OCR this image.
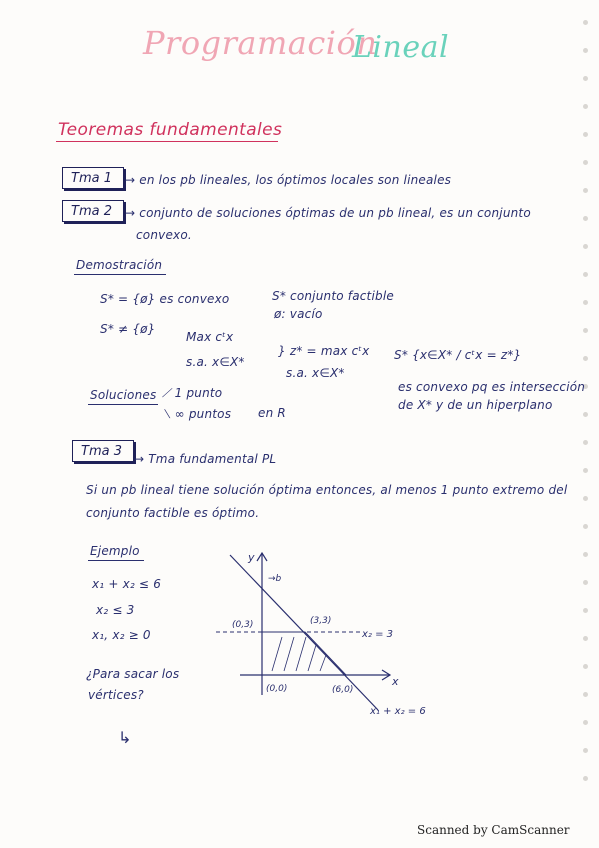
Programación
Lineal
Teoremas fundamentales
Tma 1 → en los pb lineales, los óptimos locales son lineales
Tma 2 → conjunto de soluciones óptimas de un pb lineal, es un conjunto
convexo.
Demostración
S* = {ø} es convexo	S* conjunto factible
ø: vacío
S* ≠ {ø}
Max cᵗx
s.a. x∈X*
} z* = max cᵗx
s.a. x∈X*
S* {x∈X* / cᵗx = z*}
es convexo pq es intersección
de X* y de un hiperplano
Soluciones ⟋ 1 punto
⟍ ∞ puntos en R
Tma 3 → Tma fundamental PL
Si un pb lineal tiene solución óptima entonces, al menos 1 punto extremo del
conjunto factible es óptimo.
Ejemplo
x₁ + x₂ ≤ 6
x₂ ≤ 3
x₁, x₂ ≥ 0
¿Para sacar los
vértices?
↳
y
x
→b
(0,3)	(3,3)
(0,0)	(6,0)
x₂ = 3
x₁ + x₂ = 6
Scanned by CamScanner
